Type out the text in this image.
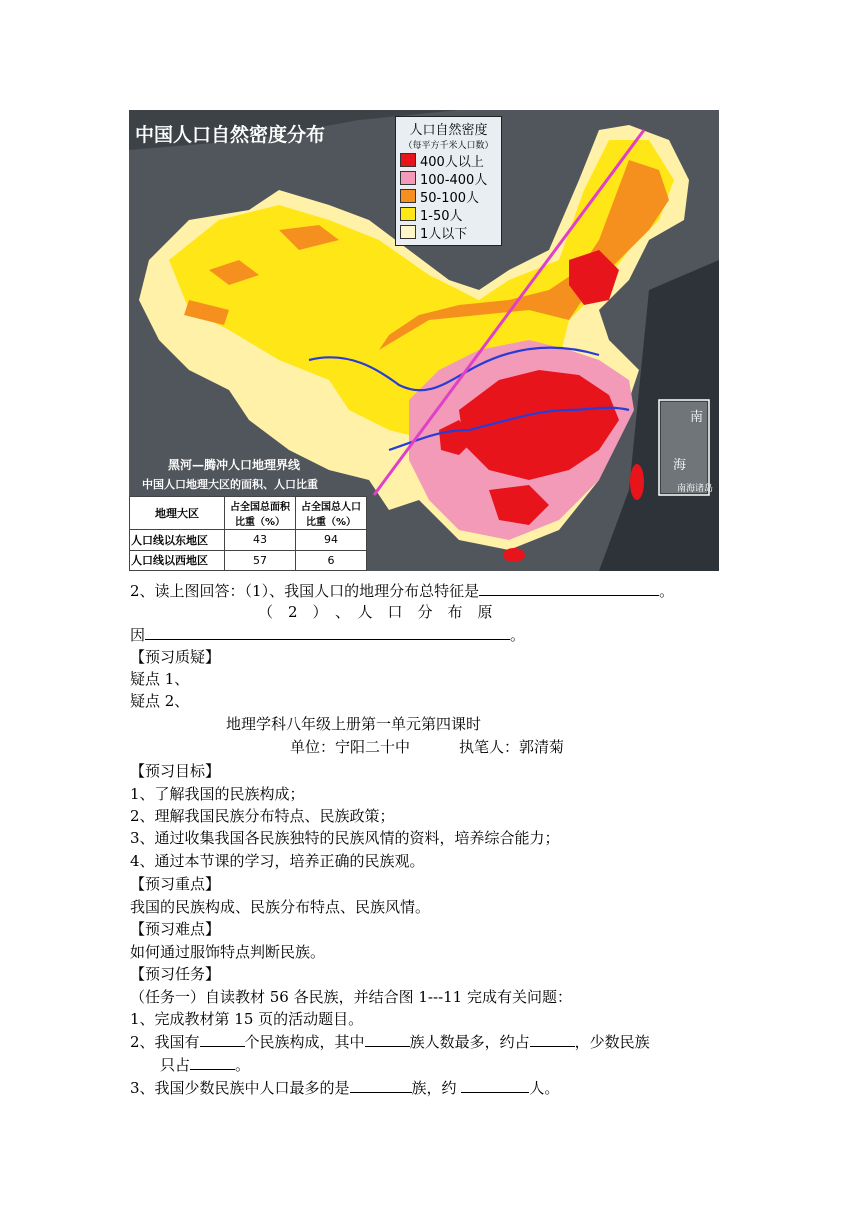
中国人口自然密度分布	人口自然密度
（每平方千米人口数）
400人以上
100-400人
50-100人
1-50人
1人以下
黑河—腾冲人口地理界线
中国人口地理大区的面积、人口比重
地理大区	占全国总面积比重（%）	占全国总人口比重（%）
人口线以东地区	43	94
人口线以西地区	57	6
黑河
腾冲
南
海
南海诸岛
2、读上图回答：（1）、我国人口的地理分布总特征是	。
（　2　）　、　人　口　分　布　原
因	。
【预习质疑】
疑点 1、
疑点 2、
地理学科八年级上册第一单元第四课时
单位：宁阳二十中	执笔人：郭清菊
【预习目标】
1、了解我国的民族构成；
2、理解我国民族分布特点、民族政策；
3、通过收集我国各民族独特的民族风情的资料，培养综合能力；
4、通过本节课的学习，培养正确的民族观。
【预习重点】
我国的民族构成、民族分布特点、民族风情。
【预习难点】
如何通过服饰特点判断民族。
【预习任务】
（任务一）自读教材 56 各民族，并结合图 1---11 完成有关问题：
1、完成教材第 15 页的活动题目。
2、我国有	个民族构成，其中	族人数最多，约占	，少数民族
只占	。
3、我国少数民族中人口最多的是	族，约	人。
